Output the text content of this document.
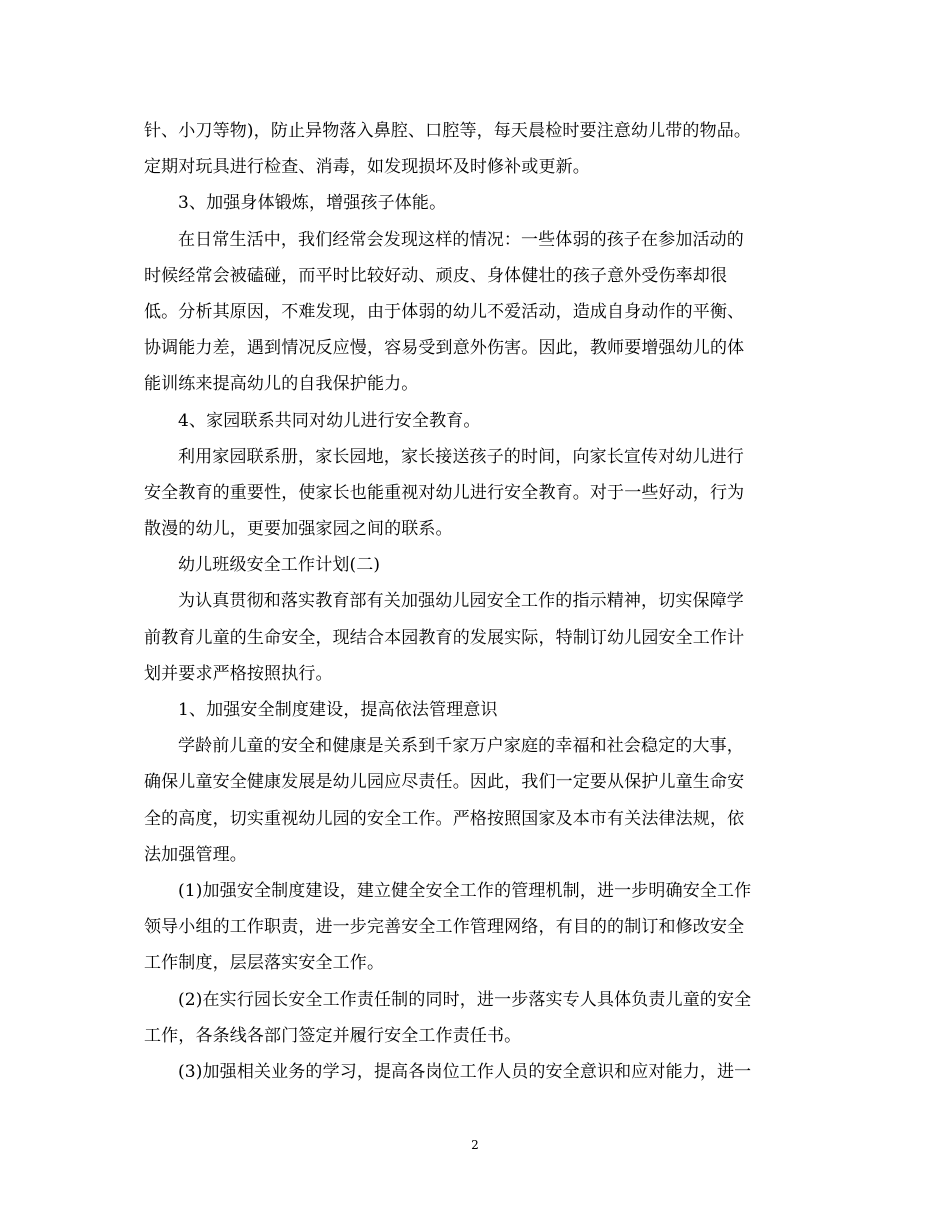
针、小刀等物)，防止异物落入鼻腔、口腔等，每天晨检时要注意幼儿带的物品。
定期对玩具进行检查、消毒，如发现损坏及时修补或更新。
3、加强身体锻炼，增强孩子体能。
在日常生活中，我们经常会发现这样的情况：一些体弱的孩子在参加活动的
时候经常会被磕碰，而平时比较好动、顽皮、身体健壮的孩子意外受伤率却很
低。分析其原因，不难发现，由于体弱的幼儿不爱活动，造成自身动作的平衡、
协调能力差，遇到情况反应慢，容易受到意外伤害。因此，教师要增强幼儿的体
能训练来提高幼儿的自我保护能力。
4、家园联系共同对幼儿进行安全教育。
利用家园联系册，家长园地，家长接送孩子的时间，向家长宣传对幼儿进行
安全教育的重要性，使家长也能重视对幼儿进行安全教育。对于一些好动，行为
散漫的幼儿，更要加强家园之间的联系。
幼儿班级安全工作计划(二)
为认真贯彻和落实教育部有关加强幼儿园安全工作的指示精神，切实保障学
前教育儿童的生命安全，现结合本园教育的发展实际，特制订幼儿园安全工作计
划并要求严格按照执行。
1、加强安全制度建设，提高依法管理意识
学龄前儿童的安全和健康是关系到千家万户家庭的幸福和社会稳定的大事，
确保儿童安全健康发展是幼儿园应尽责任。因此，我们一定要从保护儿童生命安
全的高度，切实重视幼儿园的安全工作。严格按照国家及本市有关法律法规，依
法加强管理。
(1)加强安全制度建设，建立健全安全工作的管理机制，进一步明确安全工作
领导小组的工作职责，进一步完善安全工作管理网络，有目的的制订和修改安全
工作制度，层层落实安全工作。
(2)在实行园长安全工作责任制的同时，进一步落实专人具体负责儿童的安全
工作，各条线各部门签定并履行安全工作责任书。
(3)加强相关业务的学习，提高各岗位工作人员的安全意识和应对能力，进一
2
